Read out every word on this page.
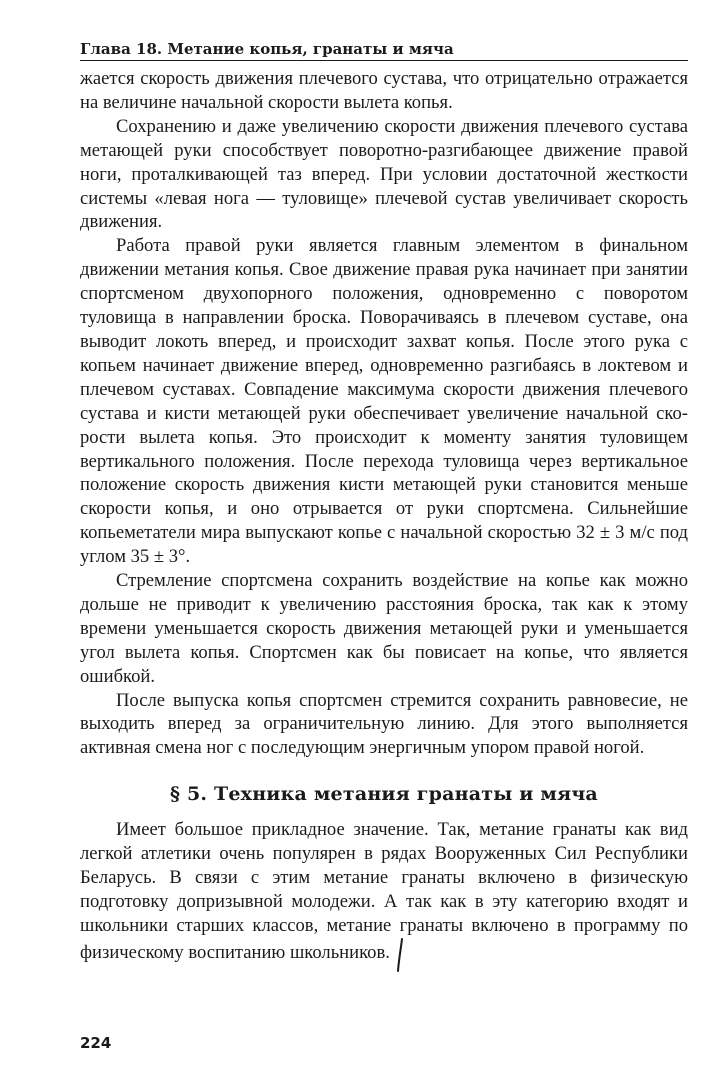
Глава 18. Метание копья, гранаты и мяча

жается скорость движения плечевого сустава, что отрицательно отражается на величине начальной скорости вылета копья.

Сохранению и даже увеличению скорости движения плечевого сустава метающей руки способствует поворотно-разгибающее движение правой ноги, проталкивающей таз вперед. При условии достаточной жесткости системы «левая нога — туловище» плечевой сустав увеличивает скорость движения.

Работа правой руки является главным элементом в финальном движении метания копья. Свое движение правая рука начинает при занятии спортсменом двухопорного положения, одновременно с поворотом туловища в направлении броска. Поворачиваясь в плечевом суставе, она выводит локоть вперед, и происходит захват копья. После этого рука с копьем начинает движение вперед, одновременно разгибаясь в локтевом и плечевом суставах. Совпадение максимума скорости движения плечевого сустава и кисти метающей руки обеспечивает увеличение начальной скорости вылета копья. Это происходит к моменту занятия туловищем вертикального положения. После перехода туловища через вертикальное положение скорость движения кисти метающей руки становится меньше скорости копья, и оно отрывается от руки спортсмена. Сильнейшие копьеметатели мира выпускают копье с начальной скоростью 32 ± 3 м/с под углом 35 ± 3°.

Стремление спортсмена сохранить воздействие на копье как можно дольше не приводит к увеличению расстояния броска, так как к этому времени уменьшается скорость движения метающей руки и уменьшается угол вылета копья. Спортсмен как бы повисает на копье, что является ошибкой.

После выпуска копья спортсмен стремится сохранить равновесие, не выходить вперед за ограничительную линию. Для этого выполняется активная смена ног с последующим энергичным упором правой ногой.

§ 5. Техника метания гранаты и мяча

Имеет большое прикладное значение. Так, метание гранаты как вид легкой атлетики очень популярен в рядах Вооруженных Сил Республики Беларусь. В связи с этим метание гранаты включено в физическую подготовку допризывной молодежи. А так как в эту категорию входят и школьники старших классов, метание гранаты включено в программу по физическому воспитанию школьников.

224
